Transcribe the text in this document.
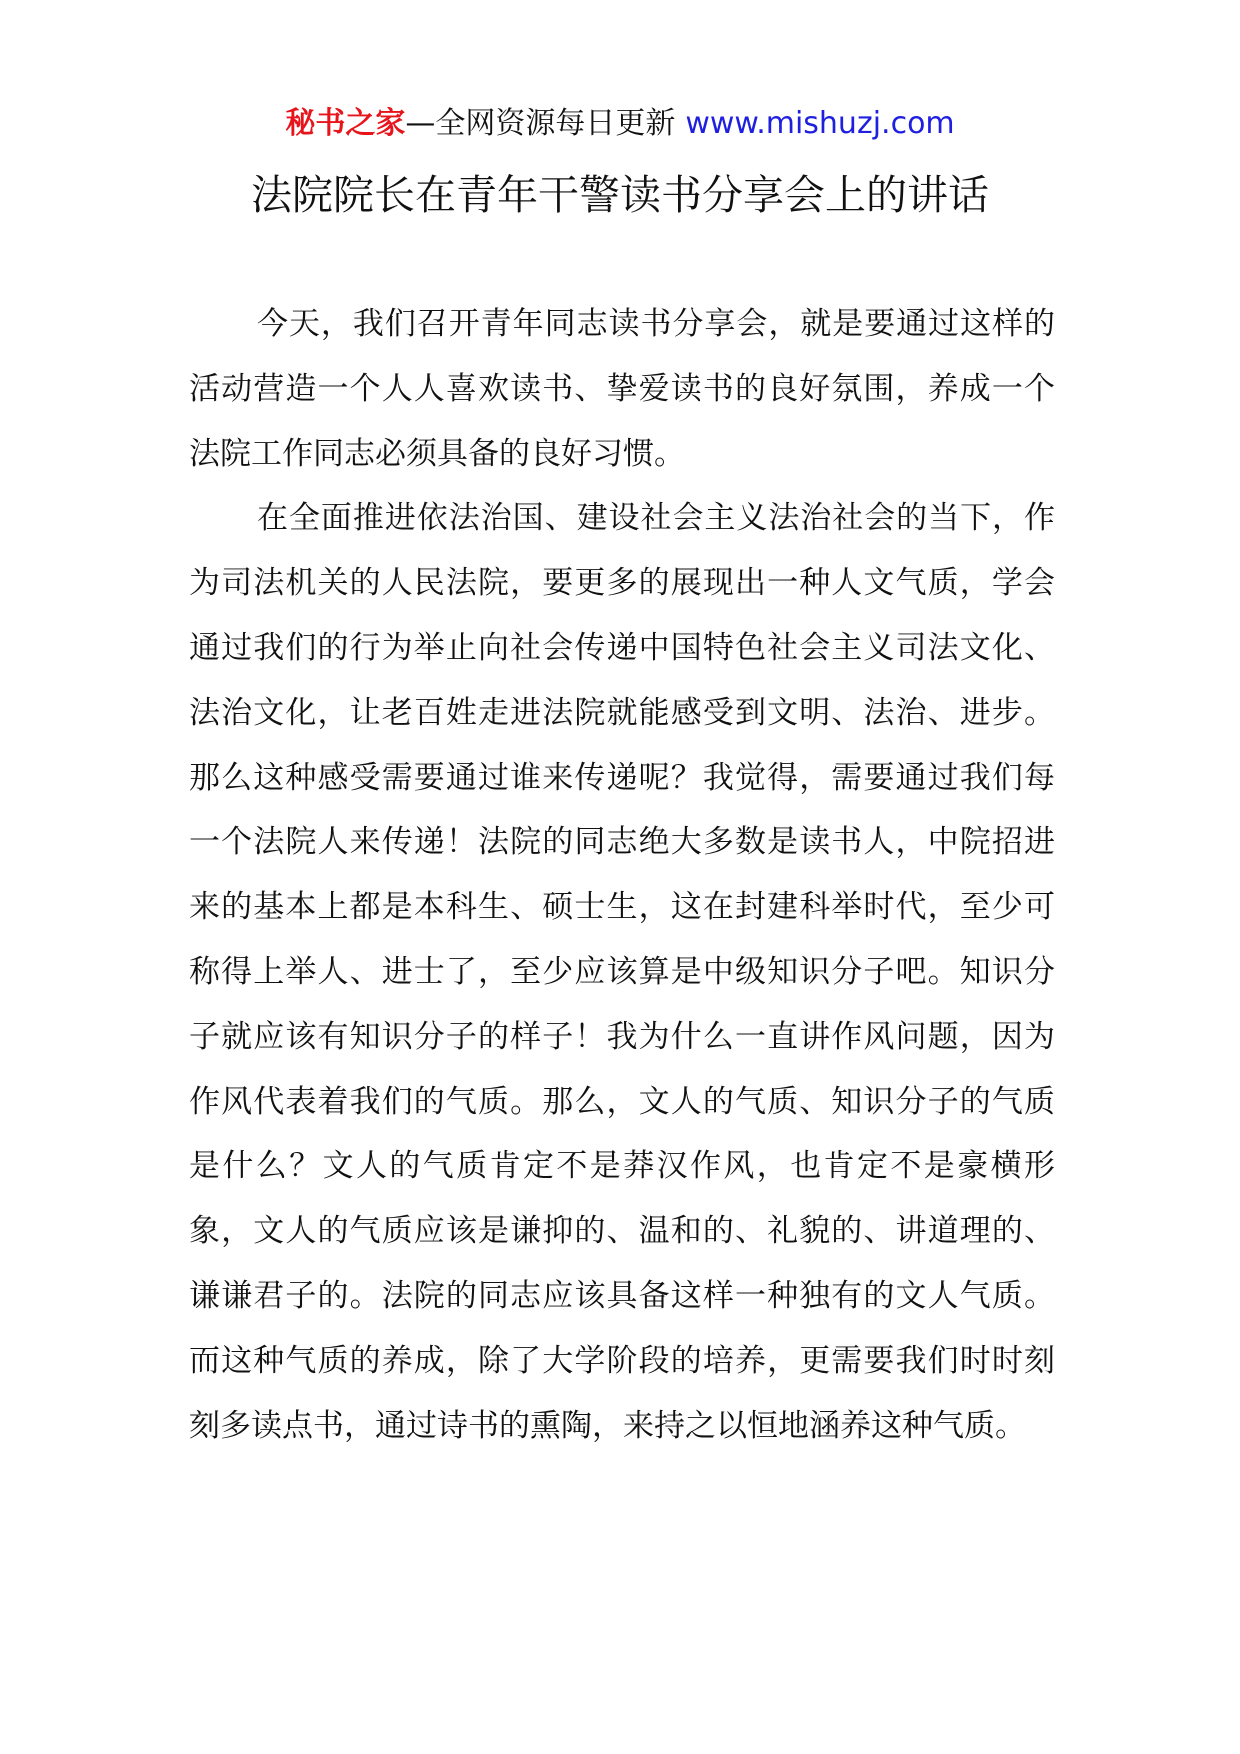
秘书之家—全网资源每日更新 www.mishuzj.com
法院院长在青年干警读书分享会上的讲话

今天，我们召开青年同志读书分享会，就是要通过这样的活动营造一个人人喜欢读书、挚爱读书的良好氛围，养成一个法院工作同志必须具备的良好习惯。

在全面推进依法治国、建设社会主义法治社会的当下，作为司法机关的人民法院，要更多的展现出一种人文气质，学会通过我们的行为举止向社会传递中国特色社会主义司法文化、法治文化，让老百姓走进法院就能感受到文明、法治、进步。那么这种感受需要通过谁来传递呢？我觉得，需要通过我们每一个法院人来传递！法院的同志绝大多数是读书人，中院招进来的基本上都是本科生、硕士生，这在封建科举时代，至少可称得上举人、进士了，至少应该算是中级知识分子吧。知识分子就应该有知识分子的样子！我为什么一直讲作风问题，因为作风代表着我们的气质。那么，文人的气质、知识分子的气质是什么？文人的气质肯定不是莽汉作风，也肯定不是豪横形象，文人的气质应该是谦抑的、温和的、礼貌的、讲道理的、谦谦君子的。法院的同志应该具备这样一种独有的文人气质。而这种气质的养成，除了大学阶段的培养，更需要我们时时刻刻多读点书，通过诗书的熏陶，来持之以恒地涵养这种气质。
